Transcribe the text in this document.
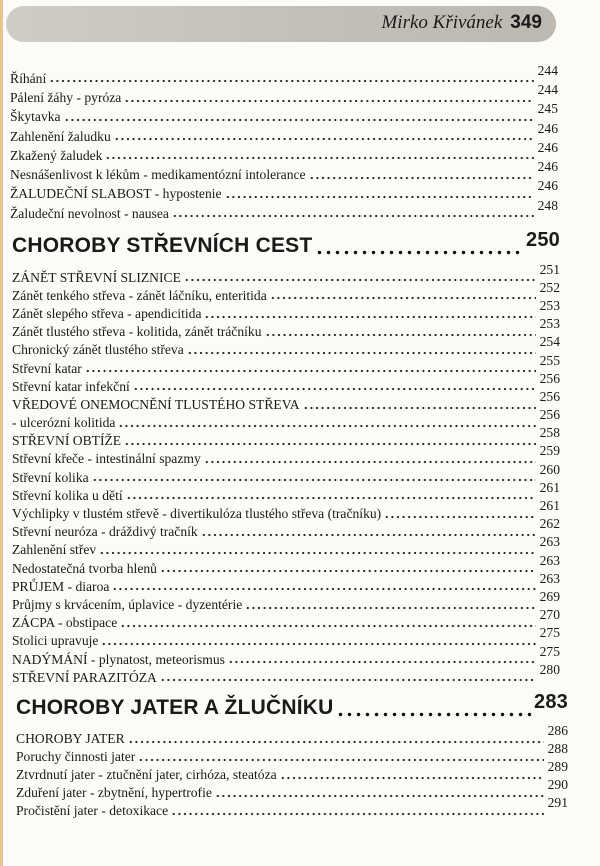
Mirko Křivánek 349
Říhání
244
Pálení žáhy - pyróza
244
Škytavka
245
Zahlenění žaludku
246
Zkažený žaludek
246
Nesnášenlivost k lékům - medikamentózní intolerance
246
ŽALUDEČNÍ SLABOST - hypostenie
246
Žaludeční nevolnost - nausea
248
CHOROBY STŘEVNÍCH CEST	250
ZÁNĚT STŘEVNÍ SLIZNICE
251
Zánět tenkého střeva - zánět láčníku, enteritida
252
Zánět slepého střeva - apendicitida
253
Zánět tlustého střeva - kolitida, zánět tráčníku
253
Chronický zánět tlustého střeva
254
Střevní katar
255
Střevní katar infekční
256
VŘEDOVÉ ONEMOCNĚNÍ TLUSTÉHO STŘEVA
256
- ulcerózní kolitida
256
STŘEVNÍ OBTÍŽE
258
Střevní křeče - intestinální spazmy
259
Střevní kolika
260
Střevní kolika u dětí
261
Výchlipky v tlustém střevě - divertikulóza tlustého střeva (tračníku)
261
Střevní neuróza - dráždivý tračník
262
Zahlenění střev
263
Nedostatečná tvorba hlenů
263
PRŮJEM - diaroa
263
Průjmy s krvácením, úplavice - dyzentérie
269
ZÁCPA - obstipace
270
Stolici upravuje
275
NADÝMÁNÍ - plynatost, meteorismus
275
STŘEVNÍ PARAZITÓZA
280
CHOROBY JATER A ŽLUČNÍKU	283
CHOROBY JATER
286
Poruchy činnosti jater
288
Ztvrdnutí jater - ztučnění jater, cirhóza, steatóza
289
Zduření jater - zbytnění, hypertrofie
290
Pročistění jater - detoxikace
291
